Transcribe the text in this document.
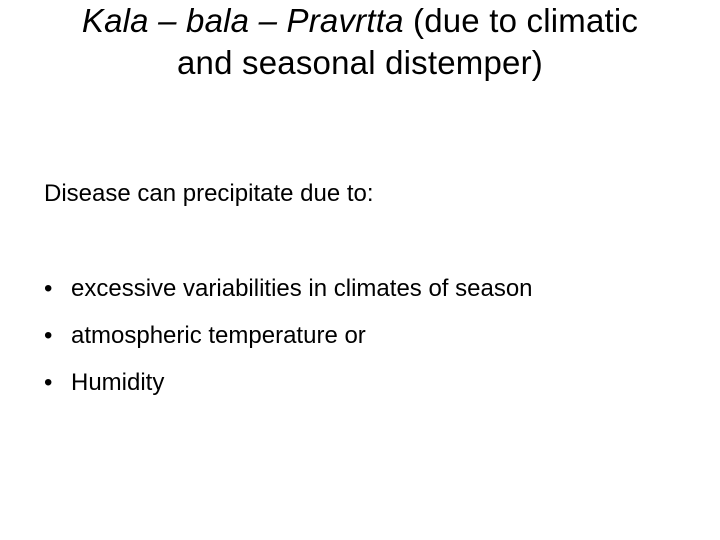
Kala – bala – Pravrtta (due to climatic
and seasonal distemper)
Disease can precipitate due to:
• excessive variabilities in climates of season
• atmospheric temperature or
• Humidity
